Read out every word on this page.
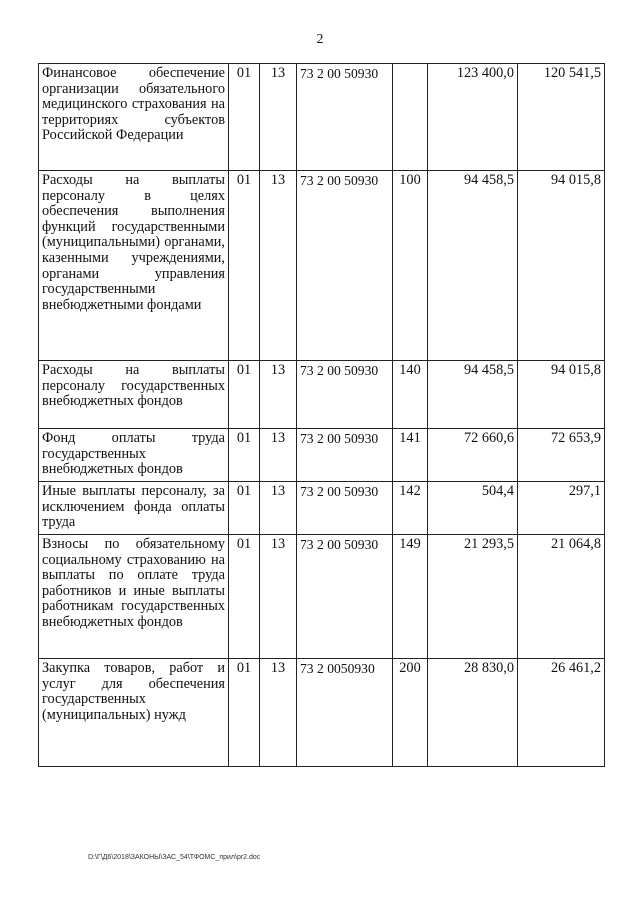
2
Финансовое обеспечение организации обязательного медицинского страхования на территориях субъектов Российской Федерации	01	13	73 2 00 50930		123 400,0	120 541,5
Расходы на выплаты персоналу в целях обеспечения выполнения функций государственными (муниципальными) органами, казенными учреждениями, органами управления государственными внебюджетными фондами	01	13	73 2 00 50930	100	94 458,5	94 015,8
Расходы на выплаты персоналу государственных внебюджетных фондов	01	13	73 2 00 50930	140	94 458,5	94 015,8
Фонд оплаты труда государственных внебюджетных фондов	01	13	73 2 00 50930	141	72 660,6	72 653,9
Иные выплаты персоналу, за исключением фонда оплаты труда	01	13	73 2 00 50930	142	504,4	297,1
Взносы по обязательному социальному страхованию на выплаты по оплате труда работников и иные выплаты работникам государственных внебюджетных фондов	01	13	73 2 00 50930	149	21 293,5	21 064,8
Закупка товаров, работ и услуг для обеспечения государственных (муниципальных) нужд	01	13	73 2 0050930	200	28 830,0	26 461,2
D:\Г\Д6\2018\ЗАКОНЫ\ЗАС_54\ТФОМС_прил\pr2.doc
